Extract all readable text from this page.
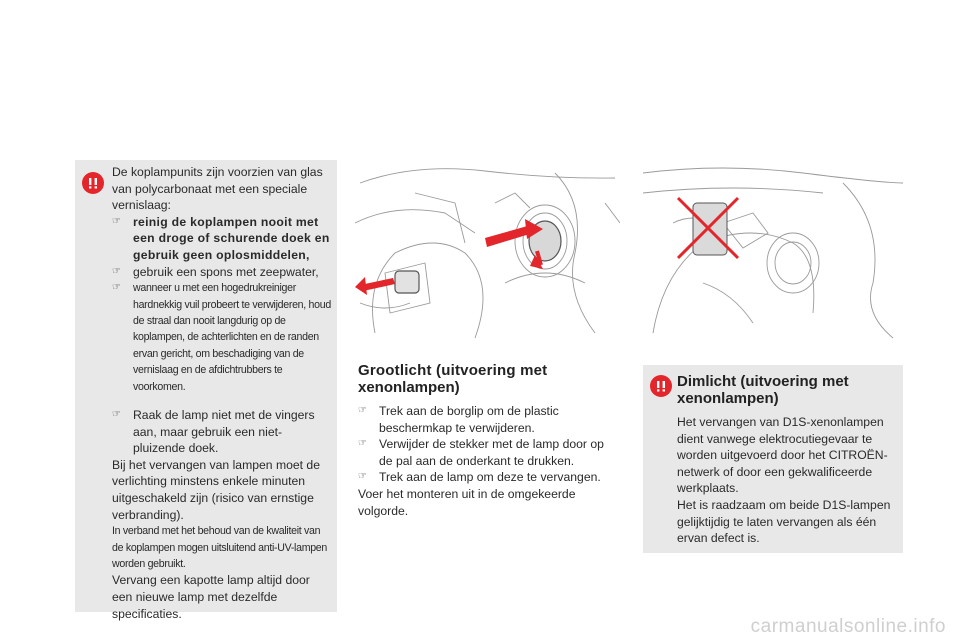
De koplampunits zijn voorzien van glas van polycarbonaat met een speciale vernislaag:

☞ reinig de koplampen nooit met een droge of schurende doek en gebruik geen oplosmiddelen,

☞ gebruik een spons met zeepwater,

☞ wanneer u met een hogedrukreiniger hardnekkig vuil probeert te verwijderen, houd de straal dan nooit langdurig op de koplampen, de achterlichten en de randen ervan gericht, om beschadiging van de vernislaag en de afdichtrubbers te voorkomen.

☞ Raak de lamp niet met de vingers aan, maar gebruik een niet-pluizende doek.

Bij het vervangen van lampen moet de verlichting minstens enkele minuten uitgeschakeld zijn (risico van ernstige verbranding).

In verband met het behoud van de kwaliteit van de koplampen mogen uitsluitend anti-UV-lampen worden gebruikt.

Vervang een kapotte lamp altijd door een nieuwe lamp met dezelfde specificaties.

Grootlicht (uitvoering met
xenonlampen)

☞ Trek aan de borglip om de plastic beschermkap te verwijderen.

☞ Verwijder de stekker met de lamp door op de pal aan de onderkant te drukken.

☞ Trek aan de lamp om deze te vervangen.

Voer het monteren uit in de omgekeerde volgorde.

Dimlicht (uitvoering met xenonlampen)

Het vervangen van D1S-xenonlampen dient vanwege elektrocutiegevaar te worden uitgevoerd door het CITROËN-netwerk of door een gekwalificeerde werkplaats.

Het is raadzaam om beide D1S-lampen gelijktijdig te laten vervangen als één ervan defect is.

carmanualsonline.info
